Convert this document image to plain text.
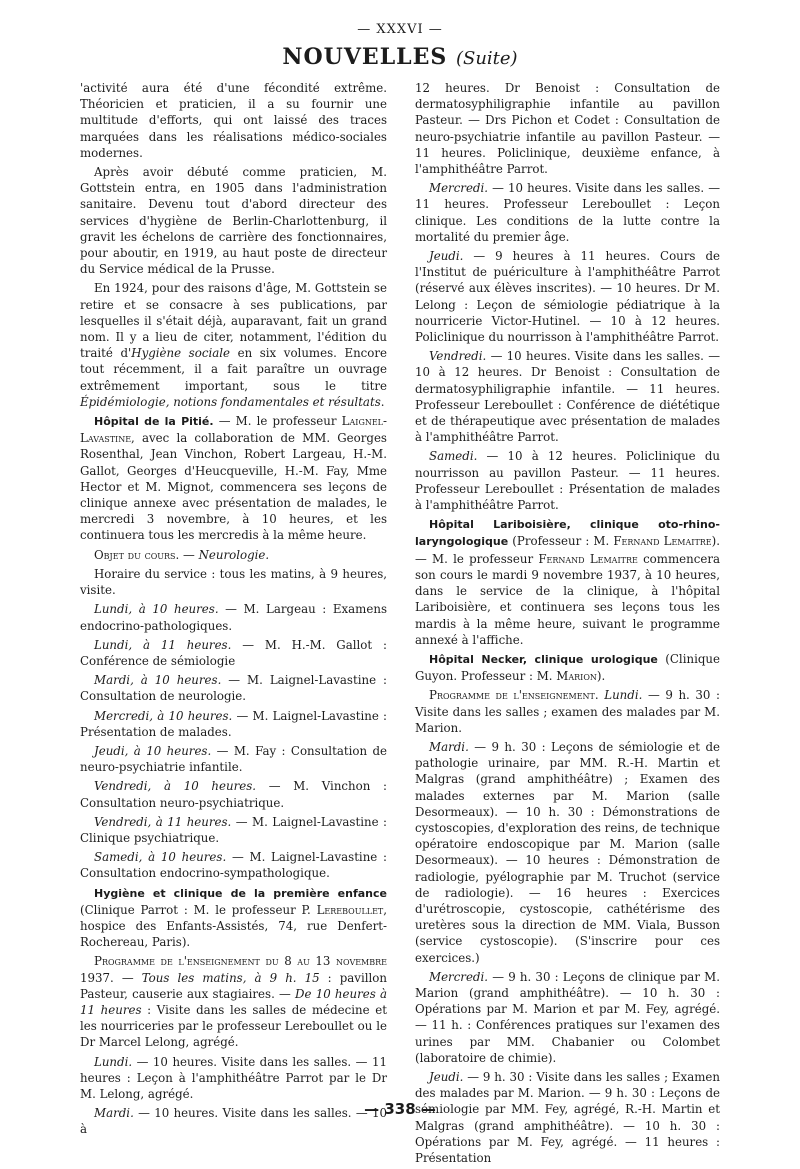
— XXXVI —
NOUVELLES (Suite)

'activité aura été d'une fécondité extrême. Théoricien et praticien, il a su fournir une multitude d'efforts, qui ont laissé des traces marquées dans les réalisations médico-sociales modernes.

Après avoir débuté comme praticien, M. Gottstein entra, en 1905 dans l'administration sanitaire. Devenu tout d'abord directeur des services d'hygiène de Berlin-Charlottenburg, il gravit les échelons de carrière des fonctionnaires, pour aboutir, en 1919, au haut poste de directeur du Service médical de la Prusse.

En 1924, pour des raisons d'âge, M. Gottstein se retire et se consacre à ses publications, par lesquelles il s'était déjà, auparavant, fait un grand nom. Il y a lieu de citer, notamment, l'édition du traité d'Hygiène sociale en six volumes. Encore tout récemment, il a fait paraître un ouvrage extrêmement important, sous le titre Épidémiologie, notions fondamentales et résultats.

Hôpital de la Pitié. — M. le professeur Laignel-Lavastine, avec la collaboration de MM. Georges Rosenthal, Jean Vinchon, Robert Largeau, H.-M. Gallot, Georges d'Heucqueville, H.-M. Fay, Mme Hector et M. Mignot, commencera ses leçons de clinique annexe avec présentation de malades, le mercredi 3 novembre, à 10 heures, et les continuera tous les mercredis à la même heure.

Objet du cours. — Neurologie.

Horaire du service : tous les matins, à 9 heures, visite.

Lundi, à 10 heures. — M. Largeau : Examens endocrino-pathologiques.

Lundi, à 11 heures. — M. H.-M. Gallot : Conférence de sémiologie

Mardi, à 10 heures. — M. Laignel-Lavastine : Consultation de neurologie.

Mercredi, à 10 heures. — M. Laignel-Lavastine : Présentation de malades.

Jeudi, à 10 heures. — M. Fay : Consultation de neuro-psychiatrie infantile.

Vendredi, à 10 heures. — M. Vinchon : Consultation neuro-psychiatrique.

Vendredi, à 11 heures. — M. Laignel-Lavastine : Clinique psychiatrique.

Samedi, à 10 heures. — M. Laignel-Lavastine : Consultation endocrino-sympathologique.

Hygiène et clinique de la première enfance (Clinique Parrot : M. le professeur P. Lereboullet, hospice des Enfants-Assistés, 74, rue Denfert-Rochereau, Paris).

Programme de l'enseignement du 8 au 13 novembre 1937. — Tous les matins, à 9 h. 15 : pavillon Pasteur, causerie aux stagiaires. — De 10 heures à 11 heures : Visite dans les salles de médecine et les nourriceries par le professeur Lereboullet ou le Dr Marcel Lelong, agrégé.

Lundi. — 10 heures. Visite dans les salles. — 11 heures : Leçon à l'amphithéâtre Parrot par le Dr M. Lelong, agrégé.

Mardi. — 10 heures. Visite dans les salles. — 10 à

12 heures. Dr Benoist : Consultation de dermatosyphiligraphie infantile au pavillon Pasteur. — Drs Pichon et Codet : Consultation de neuro-psychiatrie infantile au pavillon Pasteur. — 11 heures. Policlinique, deuxième enfance, à l'amphithéâtre Parrot.

Mercredi. — 10 heures. Visite dans les salles. — 11 heures. Professeur Lereboullet : Leçon clinique. Les conditions de la lutte contre la mortalité du premier âge.

Jeudi. — 9 heures à 11 heures. Cours de l'Institut de puériculture à l'amphithéâtre Parrot (réservé aux élèves inscrites). — 10 heures. Dr M. Lelong : Leçon de sémiologie pédiatrique à la nourricerie Victor-Hutinel. — 10 à 12 heures. Policlinique du nourrisson à l'amphithéâtre Parrot.

Vendredi. — 10 heures. Visite dans les salles. — 10 à 12 heures. Dr Benoist : Consultation de dermatosyphiligraphie infantile. — 11 heures. Professeur Lereboullet : Conférence de diététique et de thérapeutique avec présentation de malades à l'amphithéâtre Parrot.

Samedi. — 10 à 12 heures. Policlinique du nourrisson au pavillon Pasteur. — 11 heures. Professeur Lereboullet : Présentation de malades à l'amphithéâtre Parrot.

Hôpital Lariboisière, clinique oto-rhino-laryngologique (Professeur : M. Fernand Lemaitre). — M. le professeur Fernand Lemaitre commencera son cours le mardi 9 novembre 1937, à 10 heures, dans le service de la clinique, à l'hôpital Lariboisière, et continuera ses leçons tous les mardis à la même heure, suivant le programme annexé à l'affiche.

Hôpital Necker, clinique urologique (Clinique Guyon. Professeur : M. Marion).

Programme de l'enseignement. Lundi. — 9 h. 30 : Visite dans les salles ; examen des malades par M. Marion.

Mardi. — 9 h. 30 : Leçons de sémiologie et de pathologie urinaire, par MM. R.-H. Martin et Malgras (grand amphithéâtre) ; Examen des malades externes par M. Marion (salle Desormeaux). — 10 h. 30 : Démonstrations de cystoscopies, d'exploration des reins, de technique opératoire endoscopique par M. Marion (salle Desormeaux). — 10 heures : Démonstration de radiologie, pyélographie par M. Truchot (service de radiologie). — 16 heures : Exercices d'urétroscopie, cystoscopie, cathétérisme des uretères sous la direction de MM. Viala, Busson (service cystoscopie). (S'inscrire pour ces exercices.)

Mercredi. — 9 h. 30 : Leçons de clinique par M. Marion (grand amphithéâtre). — 10 h. 30 : Opérations par M. Marion et par M. Fey, agrégé. — 11 h. : Conférences pratiques sur l'examen des urines par MM. Chabanier ou Colombet (laboratoire de chimie).

Jeudi. — 9 h. 30 : Visite dans les salles ; Examen des malades par M. Marion. — 9 h. 30 : Leçons de sémiologie par MM. Fey, agrégé, R.-H. Martin et Malgras (grand amphithéâtre). — 10 h. 30 : Opérations par M. Fey, agrégé. — 11 heures : Présentation

— 338 —
